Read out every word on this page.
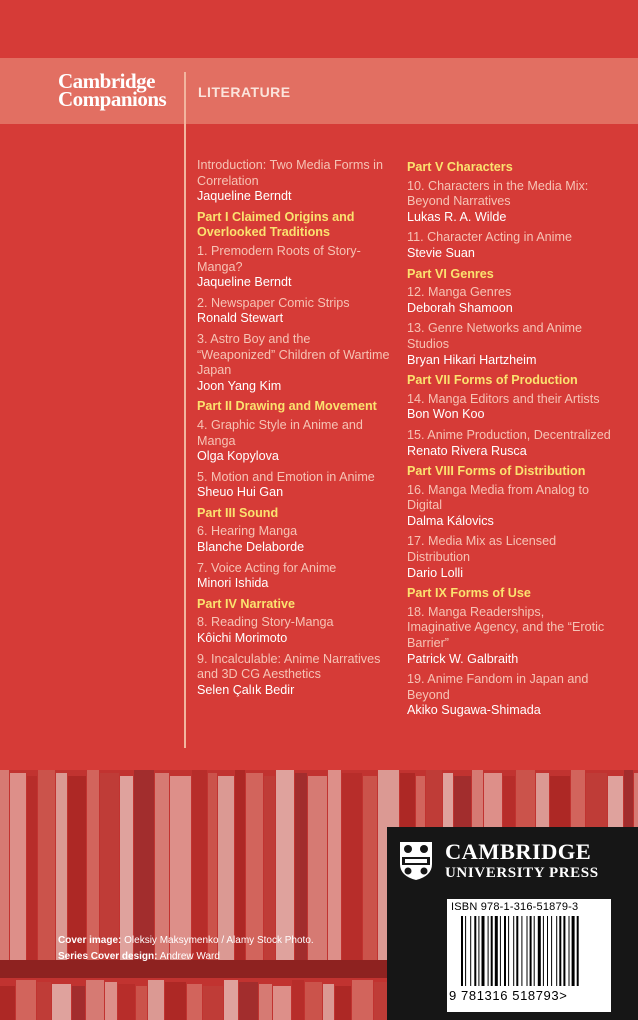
Cambridge
Companions LITERATURE
Introduction: Two Media Forms in Correlation
Jaqueline Berndt
Part I Claimed Origins and Overlooked Traditions
1. Premodern Roots of Story-Manga?
Jaqueline Berndt
2. Newspaper Comic Strips
Ronald Stewart
3. Astro Boy and the “Weaponized” Children of Wartime Japan
Joon Yang Kim
Part II Drawing and Movement
4. Graphic Style in Anime and Manga
Olga Kopylova
5. Motion and Emotion in Anime
Sheuo Hui Gan
Part III Sound
6. Hearing Manga
Blanche Delaborde
7. Voice Acting for Anime
Minori Ishida
Part IV Narrative
8. Reading Story-Manga
Kôichi Morimoto
9. Incalculable: Anime Narratives and 3D CG Aesthetics
Selen Çalık Bedir
Part V Characters
10. Characters in the Media Mix: Beyond Narratives
Lukas R. A. Wilde
11. Character Acting in Anime
Stevie Suan
Part VI Genres
12. Manga Genres
Deborah Shamoon
13. Genre Networks and Anime Studios
Bryan Hikari Hartzheim
Part VII Forms of Production
14. Manga Editors and their Artists
Bon Won Koo
15. Anime Production, Decentralized
Renato Rivera Rusca
Part VIII Forms of Distribution
16. Manga Media from Analog to Digital
Dalma Kálovics
17. Media Mix as Licensed Distribution
Dario Lolli
Part IX Forms of Use
18. Manga Readerships, Imaginative Agency, and the “Erotic Barrier”
Patrick W. Galbraith
19. Anime Fandom in Japan and Beyond
Akiko Sugawa-Shimada
Cover image: Oleksiy Maksymenko / Alamy Stock Photo.
Series Cover design: Andrew Ward
CAMBRIDGE
UNIVERSITY PRESS
ISBN 978-1-316-51879-3
9 781316 518793>
